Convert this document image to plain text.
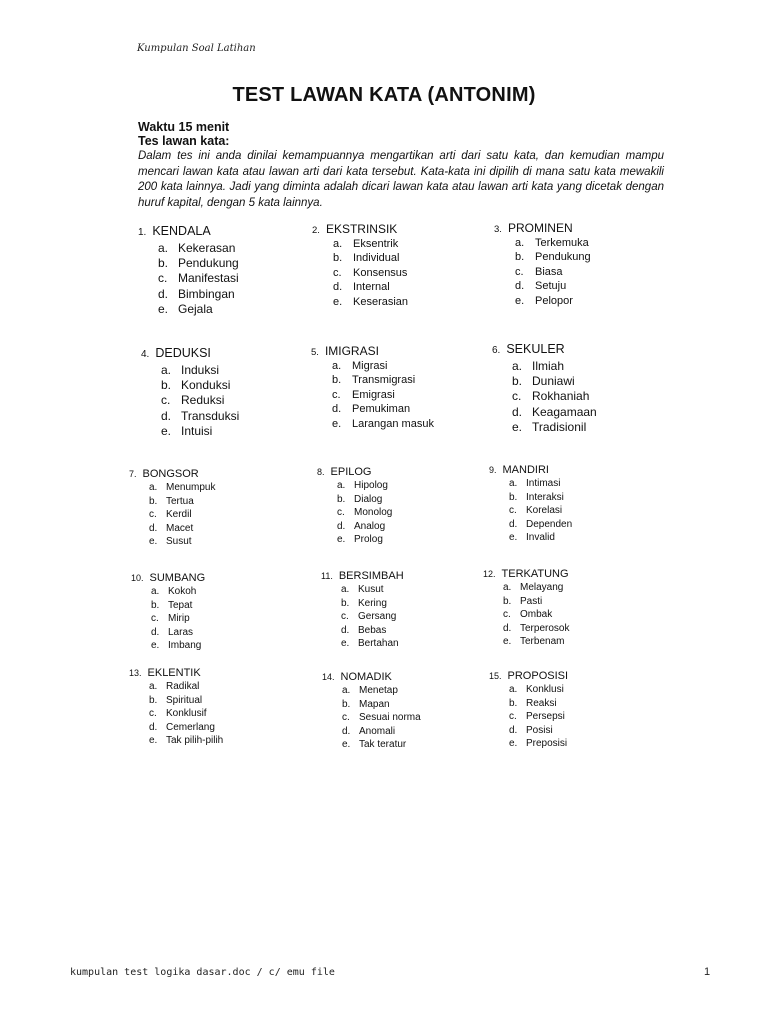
Kumpulan Soal Latihan
TEST LAWAN KATA (ANTONIM)
Waktu 15 menit
Tes lawan kata:
Dalam tes ini anda dinilai kemampuannya mengartikan arti dari satu kata, dan kemudian mampu mencari lawan kata atau lawan arti dari kata tersebut. Kata-kata ini dipilih di mana satu kata mewakili 200 kata lainnya. Jadi yang diminta adalah dicari lawan kata atau lawan arti kata yang dicetak dengan huruf kapital, dengan 5 kata lainnya.
1. KENDALA
a. Kekerasan
b. Pendukung
c. Manifestasi
d. Bimbingan
e. Gejala
2. EKSTRINSIK
a. Eksentrik
b. Individual
c. Konsensus
d. Internal
e. Keserasian
3. PROMINEN
a. Terkemuka
b. Pendukung
c. Biasa
d. Setuju
e. Pelopor
4. DEDUKSI
a. Induksi
b. Konduksi
c. Reduksi
d. Transduksi
e. Intuisi
5. IMIGRASI
a. Migrasi
b. Transmigrasi
c. Emigrasi
d. Pemukiman
e. Larangan masuk
6. SEKULER
a. Ilmiah
b. Duniawi
c. Rokhaniah
d. Keagamaan
e. Tradisionil
7. BONGSOR
a. Menumpuk
b. Tertua
c. Kerdil
d. Macet
e. Susut
8. EPILOG
a. Hipolog
b. Dialog
c. Monolog
d. Analog
e. Prolog
9. MANDIRI
a. Intimasi
b. Interaksi
c. Korelasi
d. Dependen
e. Invalid
10. SUMBANG
a. Kokoh
b. Tepat
c. Mirip
d. Laras
e. Imbang
11. BERSIMBAH
a. Kusut
b. Kering
c. Gersang
d. Bebas
e. Bertahan
12. TERKATUNG
a. Melayang
b. Pasti
c. Ombak
d. Terperosok
e. Terbenam
13. EKLENTIK
a. Radikal
b. Spiritual
c. Konklusif
d. Cemerlang
e. Tak pilih-pilih
14. NOMADIK
a. Menetap
b. Mapan
c. Sesuai norma
d. Anomali
e. Tak teratur
15. PROPOSISI
a. Konklusi
b. Reaksi
c. Persepsi
d. Posisi
e. Preposisi
kumpulan test logika dasar.doc / c/ emu file	1
